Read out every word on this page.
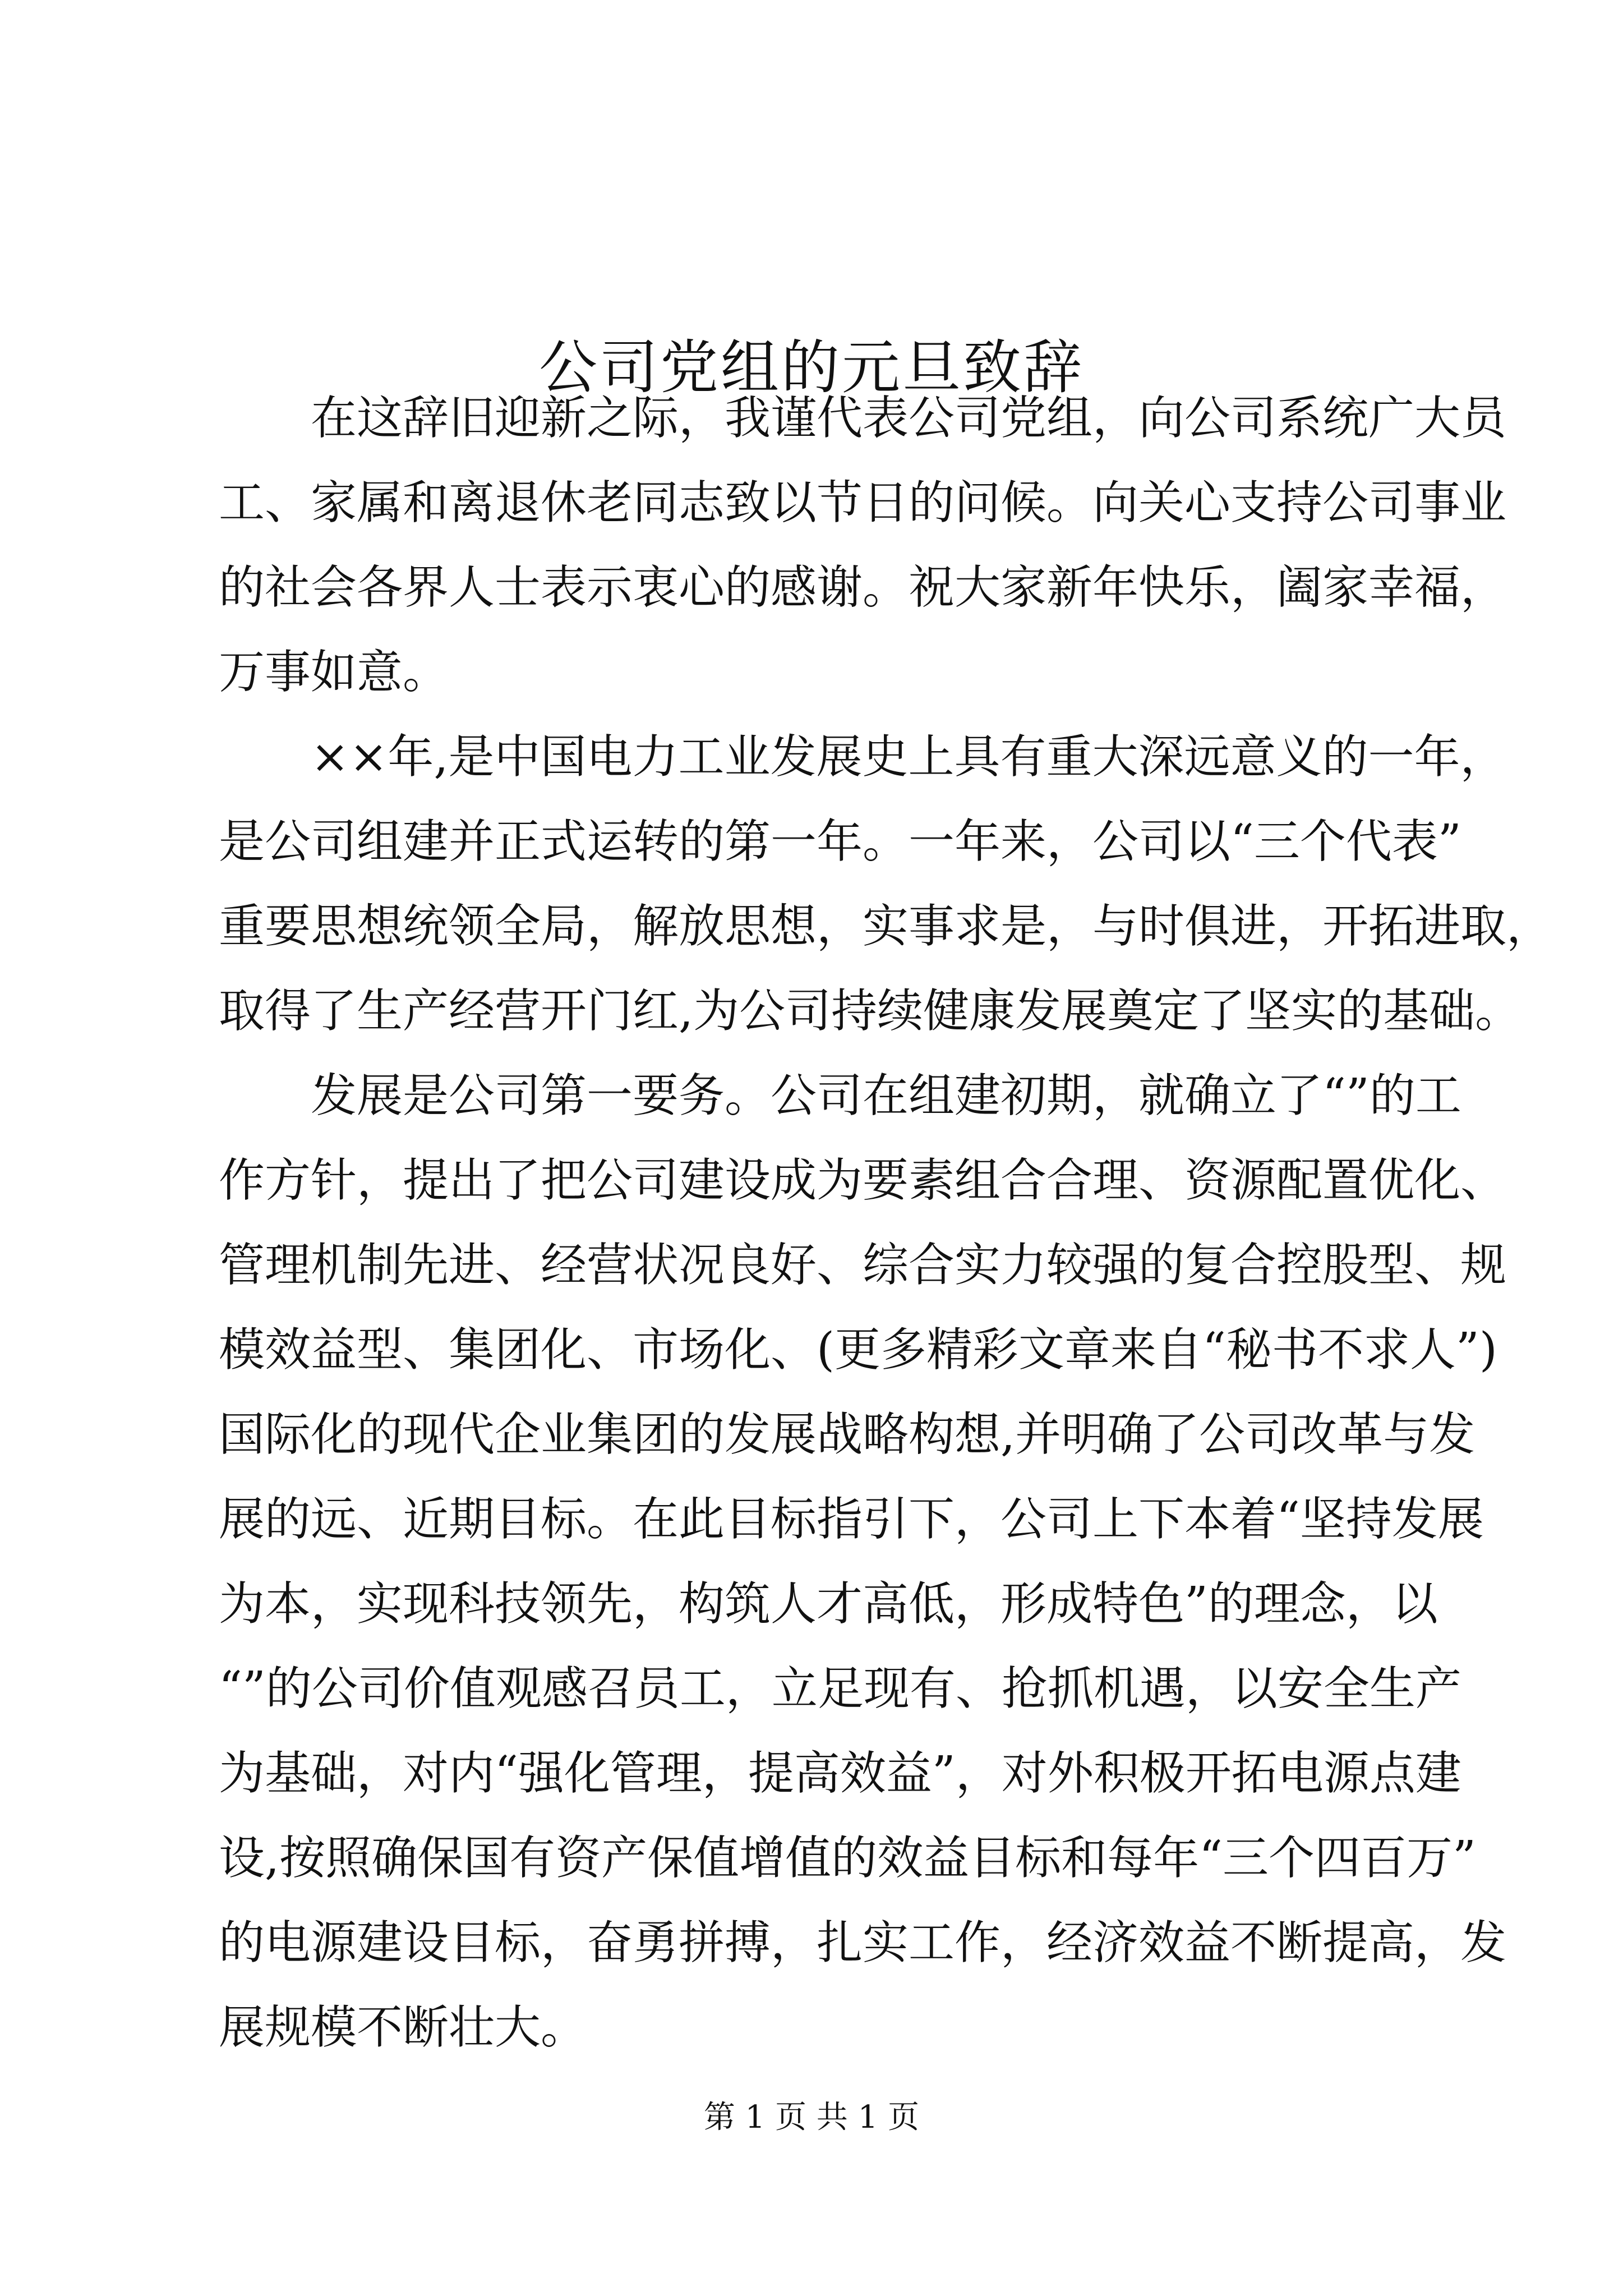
公司党组的元旦致辞
在这辞旧迎新之际，我谨代表公司党组，向公司系统广大员
工、家属和离退休老同志致以节日的问候。向关心支持公司事业
的社会各界人士表示衷心的感谢。祝大家新年快乐，阖家幸福，
万事如意。
××年,是中国电力工业发展史上具有重大深远意义的一年，
是公司组建并正式运转的第一年。一年来，公司以“三个代表”
重要思想统领全局，解放思想，实事求是，与时俱进，开拓进取，
取得了生产经营开门红,为公司持续健康发展奠定了坚实的基础。
发展是公司第一要务。公司在组建初期，就确立了“”的工
作方针，提出了把公司建设成为要素组合合理、资源配置优化、
管理机制先进、经营状况良好、综合实力较强的复合控股型、规
模效益型、集团化、市场化、(更多精彩文章来自“秘书不求人”)
国际化的现代企业集团的发展战略构想,并明确了公司改革与发
展的远、近期目标。在此目标指引下，公司上下本着“坚持发展
为本，实现科技领先，构筑人才高低，形成特色”的理念，以
“”的公司价值观感召员工，立足现有、抢抓机遇，以安全生产
为基础，对内“强化管理，提高效益”，对外积极开拓电源点建
设,按照确保国有资产保值增值的效益目标和每年“三个四百万”
的电源建设目标，奋勇拼搏，扎实工作，经济效益不断提高，发
展规模不断壮大。
第 1 页 共 1 页
